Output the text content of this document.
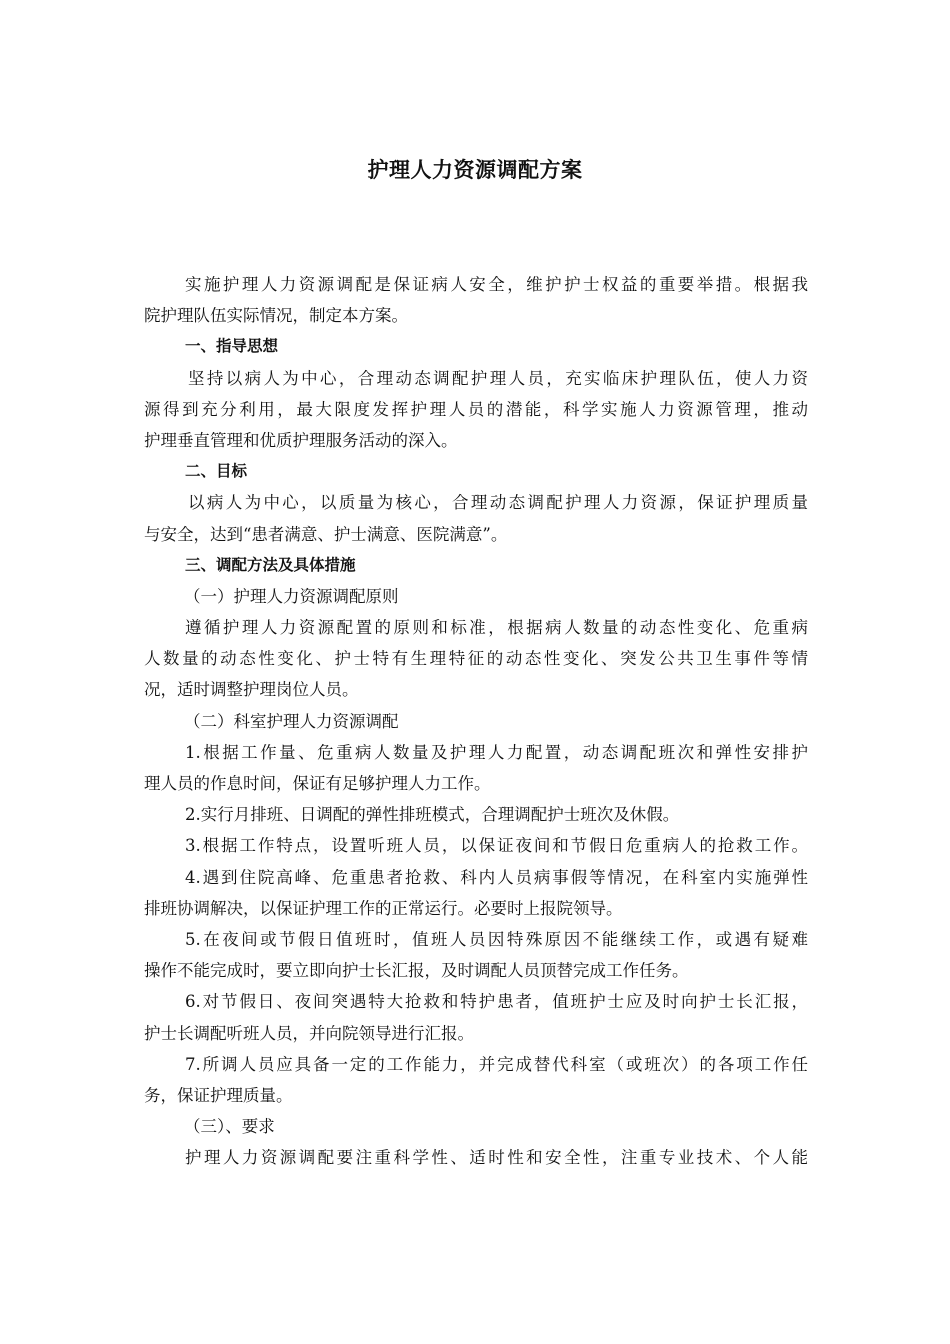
护理人力资源调配方案
实施护理人力资源调配是保证病人安全，维护护士权益的重要举措。根据我
院护理队伍实际情况，制定本方案。
一、指导思想
坚持以病人为中心，合理动态调配护理人员，充实临床护理队伍，使人力资
源得到充分利用，最大限度发挥护理人员的潜能，科学实施人力资源管理，推动
护理垂直管理和优质护理服务活动的深入。
二、目标
以病人为中心，以质量为核心，合理动态调配护理人力资源，保证护理质量
与安全，达到“患者满意、护士满意、医院满意”。
三、调配方法及具体措施
（一）护理人力资源调配原则
遵循护理人力资源配置的原则和标准，根据病人数量的动态性变化、危重病
人数量的动态性变化、护士特有生理特征的动态性变化、突发公共卫生事件等情
况，适时调整护理岗位人员。
（二）科室护理人力资源调配
1.根据工作量、危重病人数量及护理人力配置，动态调配班次和弹性安排护
理人员的作息时间，保证有足够护理人力工作。
2.实行月排班、日调配的弹性排班模式，合理调配护士班次及休假。
3.根据工作特点，设置听班人员，以保证夜间和节假日危重病人的抢救工作。
4.遇到住院高峰、危重患者抢救、科内人员病事假等情况，在科室内实施弹性
排班协调解决，以保证护理工作的正常运行。必要时上报院领导。
5.在夜间或节假日值班时，值班人员因特殊原因不能继续工作，或遇有疑难
操作不能完成时，要立即向护士长汇报，及时调配人员顶替完成工作任务。
6.对节假日、夜间突遇特大抢救和特护患者，值班护士应及时向护士长汇报，
护士长调配听班人员，并向院领导进行汇报。
7.所调人员应具备一定的工作能力，并完成替代科室（或班次）的各项工作任
务，保证护理质量。
（三）、要求
护理人力资源调配要注重科学性、适时性和安全性，注重专业技术、个人能
